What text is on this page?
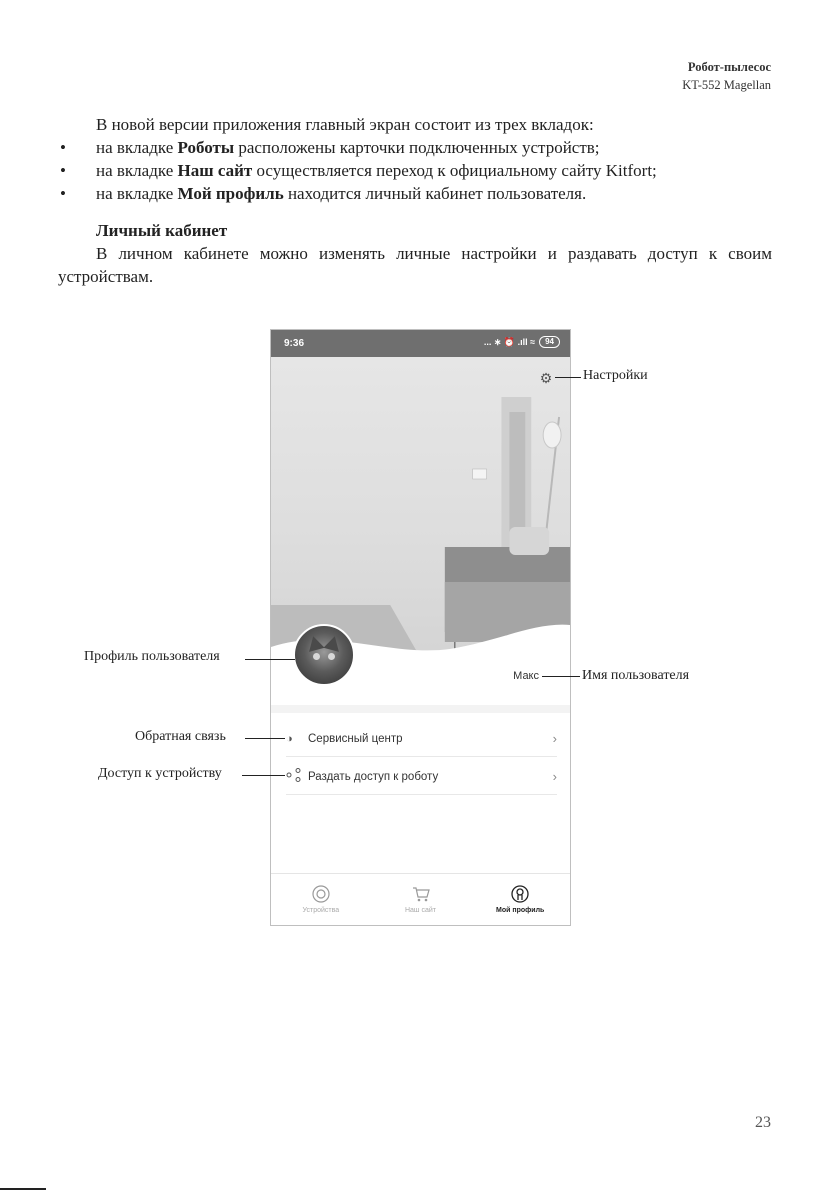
Робот-пылесос
KT-552 Magellan

В новой версии приложения главный экран состоит из трех вкладок:

• на вкладке Роботы расположены карточки подключенных устройств;
• на вкладке Наш сайт осуществляется переход к официальному сайту Kitfort;
• на вкладке Мой профиль находится личный кабинет пользователя.

Личный кабинет

В личном кабинете можно изменять личные настройки и раздавать доступ к своим устройствам.

9:36	... ∗ ⏰ .ıll ≈	94
⚙
Макс
◑	Сервисный центр	›
Раздать доступ к роботу	›
Устройства	Наш сайт	Мой профиль
Настройки
Профиль пользователя
Имя пользователя
Обратная связь
Доступ к устройству
23
